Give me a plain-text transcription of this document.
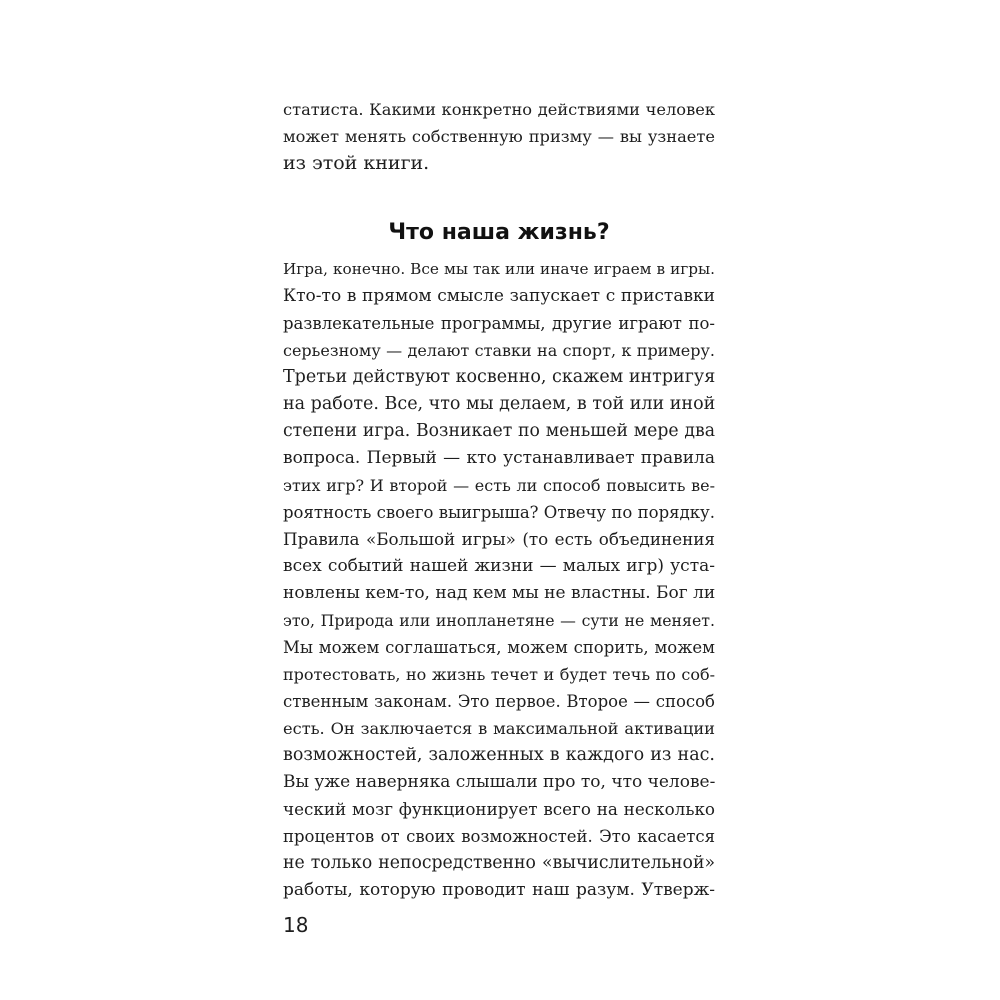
статиста. Какими конкретно действиями человек
может менять собственную призму — вы узнаете
из этой книги.
Что наша жизнь?
Игра, конечно. Все мы так или иначе играем в игры.
Кто-то в прямом смысле запускает с приставки
развлекательные программы, другие играют по-
серьезному — делают ставки на спорт, к примеру.
Третьи действуют косвенно, скажем интригуя
на работе. Все, что мы делаем, в той или иной
степени игра. Возникает по меньшей мере два
вопроса. Первый — кто устанавливает правила
этих игр? И второй — есть ли способ повысить ве-
роятность своего выигрыша? Отвечу по порядку.
Правила «Большой игры» (то есть объединения
всех событий нашей жизни — малых игр) уста-
новлены кем-то, над кем мы не властны. Бог ли
это, Природа или инопланетяне — сути не меняет.
Мы можем соглашаться, можем спорить, можем
протестовать, но жизнь течет и будет течь по соб-
ственным законам. Это первое. Второе — способ
есть. Он заключается в максимальной активации
возможностей, заложенных в каждого из нас.
Вы уже наверняка слышали про то, что челове-
ческий мозг функционирует всего на несколько
процентов от своих возможностей. Это касается
не только непосредственно «вычислительной»
работы, которую проводит наш разум. Утверж-
18
